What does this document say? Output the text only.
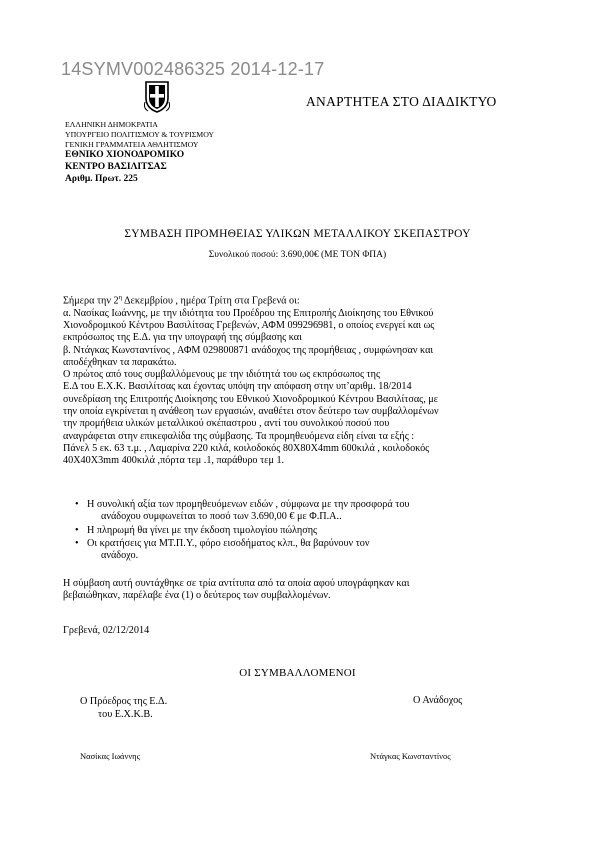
14SYMV002486325 2014-12-17
ΑΝΑΡΤΗΤΕΑ ΣΤΟ ΔΙΑΔΙΚΤΥΟ
ΕΛΛΗΝΙΚΗ ΔΗΜΟΚΡΑΤΙΑ
ΥΠΟΥΡΓΕΙΟ ΠΟΛΙΤΙΣΜΟΥ & ΤΟΥΡΙΣΜΟΥ
ΓΕΝΙΚΗ ΓΡΑΜΜΑΤΕΙΑ ΑΘΛΗΤΙΣΜΟΥ
ΕΘΝΙΚΟ ΧΙΟΝΟΔΡΟΜΙΚΟ
ΚΕΝΤΡΟ ΒΑΣΙΛΙΤΣΑΣ
Αριθμ. Πρωτ. 225
ΣΥΜΒΑΣΗ ΠΡΟΜΗΘΕΙΑΣ ΥΛΙΚΩΝ ΜΕΤΑΛΛΙΚΟΥ ΣΚΕΠΑΣΤΡΟΥ
Συνολικού ποσού: 3.690,00€ (ΜΕ ΤΟΝ ΦΠΑ)
Σήμερα την $2^\eta$ Δεκεμβρίου , ημέρα Τρίτη στα Γρεβενά οι:
α. Νασίκας Ιωάννης, με την ιδιότητα του Προέδρου της Επιτροπής Διοίκησης του Εθνικού
Χιονοδρομικού Κέντρου Βασιλίτσας Γρεβενών, ΑΦΜ 099296981, ο οποίος ενεργεί και ως
εκπρόσωπος της Ε.Δ. για την υπογραφή της σύμβασης και
β. Ντάγκας Κωνσταντίνος , ΑΦΜ 029800871 ανάδοχος της προμήθειας , συμφώνησαν και
αποδέχθηκαν τα παρακάτω.
Ο πρώτος από τους συμβαλλόμενους με την ιδιότητά του ως εκπρόσωπος της
Ε.Δ του Ε.Χ.Κ. Βασιλίτσας και έχοντας υπόψη την απόφαση στην υπ’αριθμ. 18/2014
συνεδρίαση της Επιτροπής Διοίκησης του Εθνικού Χιονοδρομικού Κέντρου Βασιλίτσας, με
την οποία εγκρίνεται η ανάθεση των εργασιών, αναθέτει στον δεύτερο των συμβαλλομένων
την προμήθεια υλικών μεταλλικού σκέπαστρου , αντί του συνολικού ποσού που
αναγράφεται στην επικεφαλίδα της σύμβασης. Τα προμηθευόμενα είδη είναι τα εξής :
Πάνελ 5 εκ. 63 τ.μ. , Λαμαρίνα 220 κιλά, κοιλοδοκός 80Χ80Χ4mm 600κιλά , κοιλοδοκός
40Χ40Χ3mm 400κιλά ,πόρτα τεμ .1, παράθυρο τεμ 1.
• Η συνολική αξία των προμηθευόμενων ειδών , σύμφωνα με την προσφορά του
ανάδοχου συμφωνείται το ποσό των 3.690,00 € με Φ.Π.Α..
• Η πληρωμή θα γίνει με την έκδοση τιμολογίου πώλησης
• Οι κρατήσεις για ΜΤ.Π.Υ., φόρο εισοδήματος κλπ., θα βαρύνουν τον
ανάδοχο.
Η σύμβαση αυτή συντάχθηκε σε τρία αντίτυπα από τα οποία αφού υπογράφηκαν και
βεβαιώθηκαν, παρέλαβε ένα (1) ο δεύτερος των συμβαλλομένων.
Γρεβενά, 02/12/2014
ΟΙ ΣΥΜΒΑΛΛΟΜΕΝΟΙ
Ο Πρόεδρος της Ε.Δ.
του Ε.Χ.Κ.Β.
Ο Ανάδοχος
Νασίκας Ιωάννης	Ντάγκας Κωνσταντίνος
